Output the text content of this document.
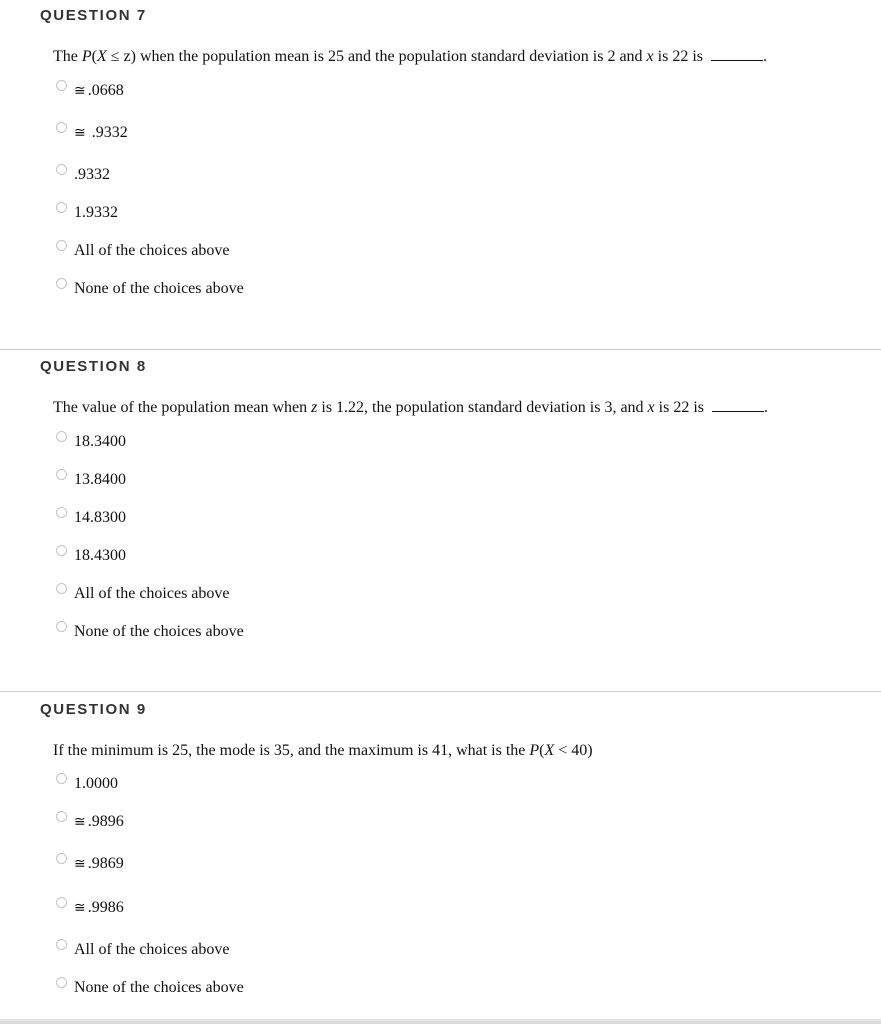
QUESTION 7
The P(X ≤ z) when the population mean is 25 and the population standard deviation is 2 and x is 22 is	.
≅ .0668
≅ .9332
.9332
1.9332
All of the choices above
None of the choices above
QUESTION 8
The value of the population mean when z is 1.22, the population standard deviation is 3, and x is 22 is	.
18.3400
13.8400
14.8300
18.4300
All of the choices above
None of the choices above
QUESTION 9
If the minimum is 25, the mode is 35, and the maximum is 41, what is the P(X < 40)
1.0000
≅ .9896
≅ .9869
≅ .9986
All of the choices above
None of the choices above
